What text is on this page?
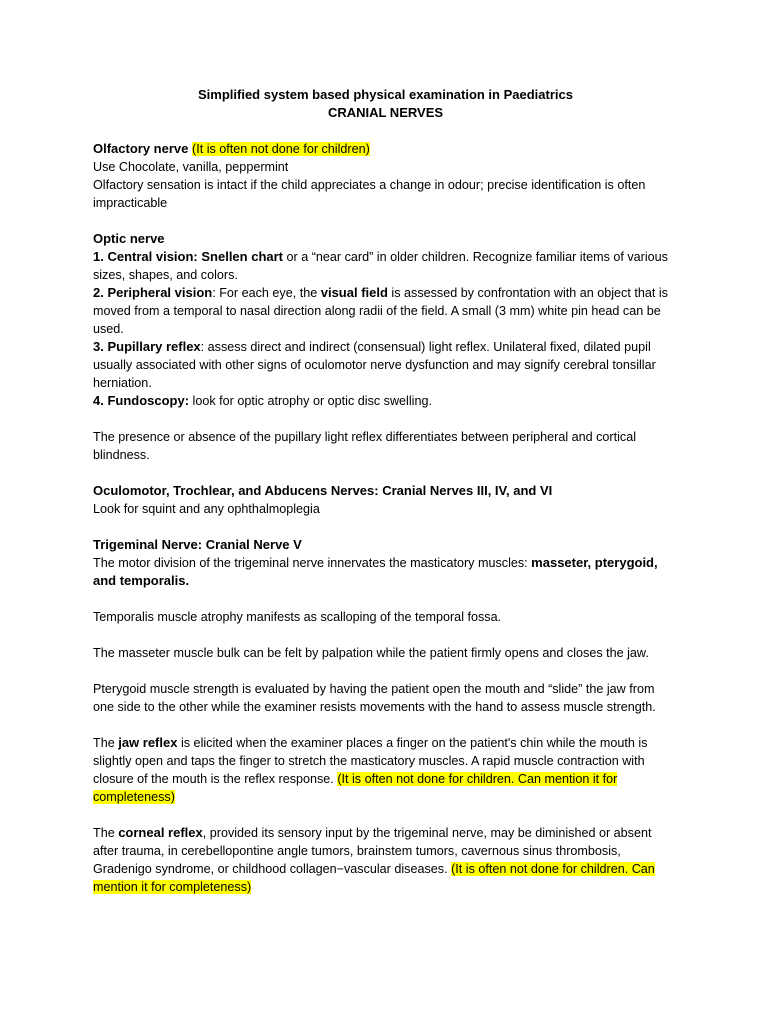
Simplified system based physical examination in Paediatrics

CRANIAL NERVES

Olfactory nerve (It is often not done for children)

Use Chocolate, vanilla, peppermint

Olfactory sensation is intact if the child appreciates a change in odour; precise identification is often impracticable

Optic nerve

1. Central vision: Snellen chart or a “near card” in older children. Recognize familiar items of various sizes, shapes, and colors.

2. Peripheral vision: For each eye, the visual field is assessed by confrontation with an object that is moved from a temporal to nasal direction along radii of the field. A small (3 mm) white pin head can be used.

3. Pupillary reflex: assess direct and indirect (consensual) light reflex. Unilateral fixed, dilated pupil usually associated with other signs of oculomotor nerve dysfunction and may signify cerebral tonsillar herniation.

4. Fundoscopy: look for optic atrophy or optic disc swelling.

The presence or absence of the pupillary light reflex differentiates between peripheral and cortical blindness.

Oculomotor, Trochlear, and Abducens Nerves: Cranial Nerves III, IV, and VI

Look for squint and any ophthalmoplegia

Trigeminal Nerve: Cranial Nerve V

The motor division of the trigeminal nerve innervates the masticatory muscles: masseter, pterygoid, and temporalis.

Temporalis muscle atrophy manifests as scalloping of the temporal fossa.

The masseter muscle bulk can be felt by palpation while the patient firmly opens and closes the jaw.

Pterygoid muscle strength is evaluated by having the patient open the mouth and “slide” the jaw from one side to the other while the examiner resists movements with the hand to assess muscle strength.

The jaw reflex is elicited when the examiner places a finger on the patient's chin while the mouth is slightly open and taps the finger to stretch the masticatory muscles. A rapid muscle contraction with closure of the mouth is the reflex response. (It is often not done for children. Can mention it for completeness)

The corneal reflex, provided its sensory input by the trigeminal nerve, may be diminished or absent after trauma, in cerebellopontine angle tumors, brainstem tumors, cavernous sinus thrombosis, Gradenigo syndrome, or childhood collagen−vascular diseases. (It is often not done for children. Can mention it for completeness)
